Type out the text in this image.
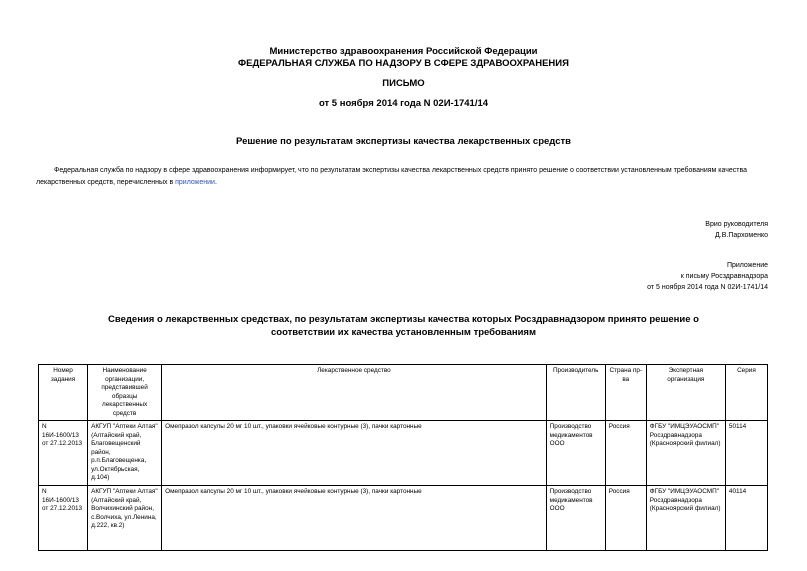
Министерство здравоохранения Российской Федерации
ФЕДЕРАЛЬНАЯ СЛУЖБА ПО НАДЗОРУ В СФЕРЕ ЗДРАВООХРАНЕНИЯ
ПИСЬМО
от 5 ноября 2014 года N 02И-1741/14
Решение по результатам экспертизы качества лекарственных средств
Федеральная служба по надзору в сфере здравоохранения информирует, что по результатам экспертизы качества лекарственных средств принято решение о соответствии установленным требованиям качества лекарственных средств, перечисленных в приложении.
Врио руководителя
Д.В.Пархоменко
Приложение
к письму Росздравнадзора
от 5 ноября 2014 года N 02И-1741/14
Сведения о лекарственных средствах, по результатам экспертизы качества которых Росздравнадзором принято решение о соответствии их качества установленным требованиям
Номер задания	Наименование организации, представившей образцы лекарственных средств	Лекарственное средство	Производитель	Страна пр-ва	Экспертная организация	Серия
N 16И-1600/13 от 27.12.2013	АКГУП "Аптеки Алтая" (Алтайский край, Благовещенский район, р.п.Благовещенка, ул.Октябрьская, д.104)	Омепразол капсулы 20 мг 10 шт., упаковки ячейковые контурные (3), пачки картонные	Производство медикаментов ООО	Россия	ФГБУ "ИМЦЭУАОСМП" Росздравнадзора (Красноярский филиал)	50114
N 16И-1600/13 от 27.12.2013	АКГУП "Аптеки Алтая" (Алтайский край, Волчихинский район, с.Волчиха, ул.Ленина, д.222, кв.2)	Омепразол капсулы 20 мг 10 шт., упаковки ячейковые контурные (3), пачки картонные	Производство медикаментов ООО	Россия	ФГБУ "ИМЦЭУАОСМП" Росздравнадзора (Красноярский филиал)	40114
